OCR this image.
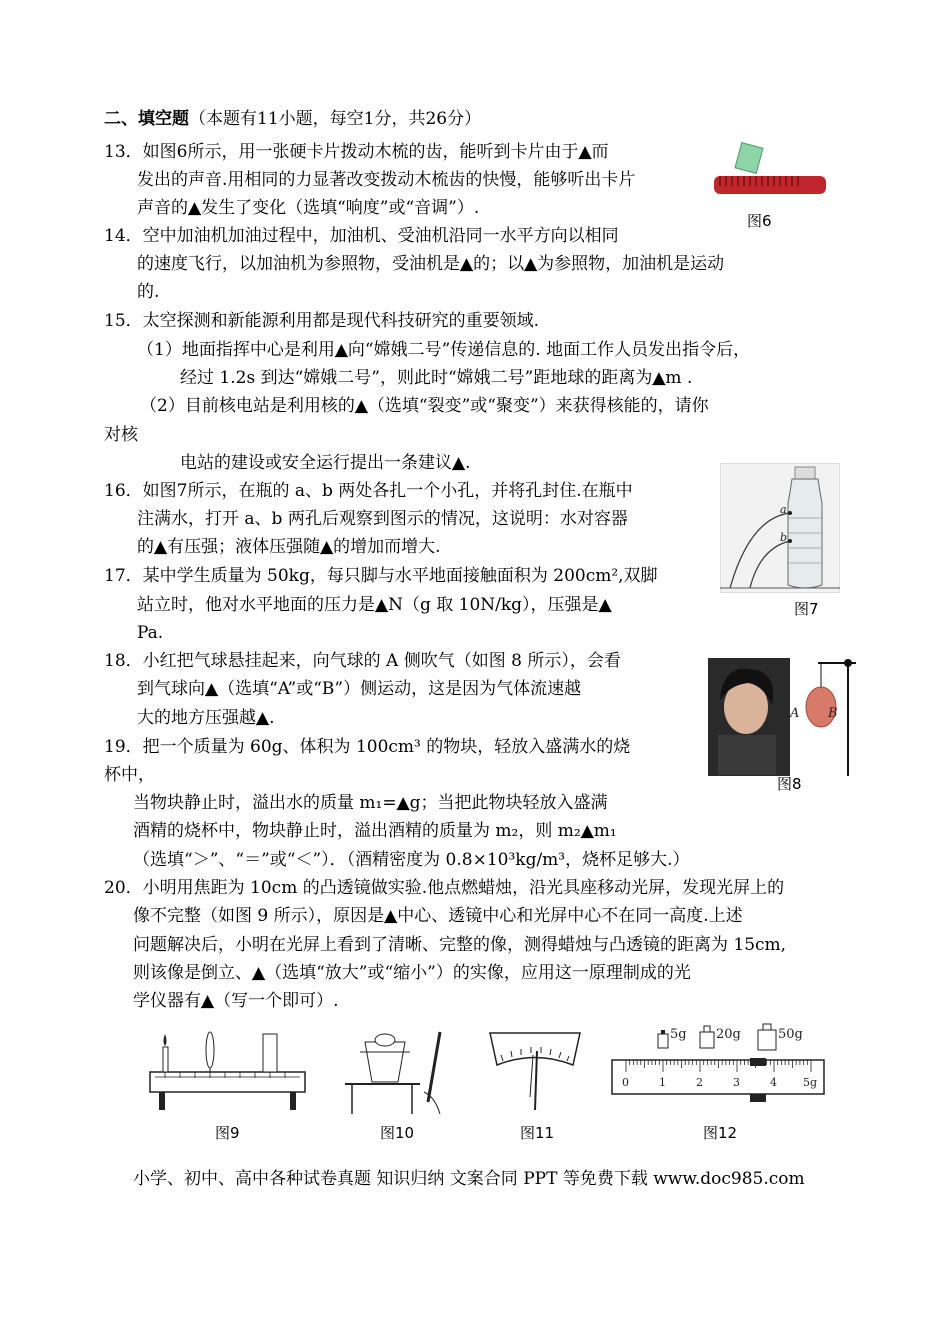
二、填空题（本题有11小题，每空1分，共26分）
13．如图6所示，用一张硬卡片拨动木梳的齿，能听到卡片由于▲而
发出的声音.用相同的力显著改变拨动木梳齿的快慢，能够听出卡片
声音的▲发生了变化（选填“响度”或“音调”）.
图6
14．空中加油机加油过程中，加油机、受油机沿同一水平方向以相同
的速度飞行，以加油机为参照物，受油机是▲的；以▲为参照物，加油机是运动
的.
15．太空探测和新能源利用都是现代科技研究的重要领域.
（1）地面指挥中心是利用▲向“嫦娥二号”传递信息的. 地面工作人员发出指令后，
经过 1.2s 到达“嫦娥二号”，则此时“嫦娥二号”距地球的距离为▲m .
（2）目前核电站是利用核的▲（选填“裂变”或“聚变”）来获得核能的，请你
对核
电站的建设或安全运行提出一条建议▲.
16．如图7所示，在瓶的 a、b 两处各扎一个小孔，并将孔封住.在瓶中
注满水，打开 a、b 两孔后观察到图示的情况，这说明：水对容器
的▲有压强；液体压强随▲的增加而增大.
a
b
图7
17．某中学生质量为 50kg，每只脚与水平地面接触面积为 200cm²,双脚
站立时，他对水平地面的压力是▲N（g 取 10N/kg），压强是▲
Pa.
18．小红把气球悬挂起来，向气球的 A 侧吹气（如图 8 所示），会看
到气球向▲（选填“A”或“B”）侧运动，这是因为气体流速越
大的地方压强越▲.	A B
图8
19．把一个质量为 60g、体积为 100cm³ 的物块，轻放入盛满水的烧
杯中，
当物块静止时，溢出水的质量 m₁=▲g；当把此物块轻放入盛满
酒精的烧杯中，物块静止时，溢出酒精的质量为 m₂，则 m₂▲m₁
（选填“＞”、“＝”或“＜”）．（酒精密度为 0.8×10³kg/m³，烧杯足够大.）
20．小明用焦距为 10cm 的凸透镜做实验.他点燃蜡烛，沿光具座移动光屏，发现光屏上的
像不完整（如图 9 所示），原因是▲中心、透镜中心和光屏中心不在同一高度.上述
问题解决后，小明在光屏上看到了清晰、完整的像，测得蜡烛与凸透镜的距离为 15cm,
则该像是倒立、▲（选填“放大”或“缩小”）的实像，应用这一原理制成的光
学仪器有▲（写一个即可）.
图9	图10	图11
5g 20g	50g
0	1	2	3	4 5g
图12
小学、初中、高中各种试卷真题 知识归纳 文案合同 PPT 等免费下载 www.doc985.com
